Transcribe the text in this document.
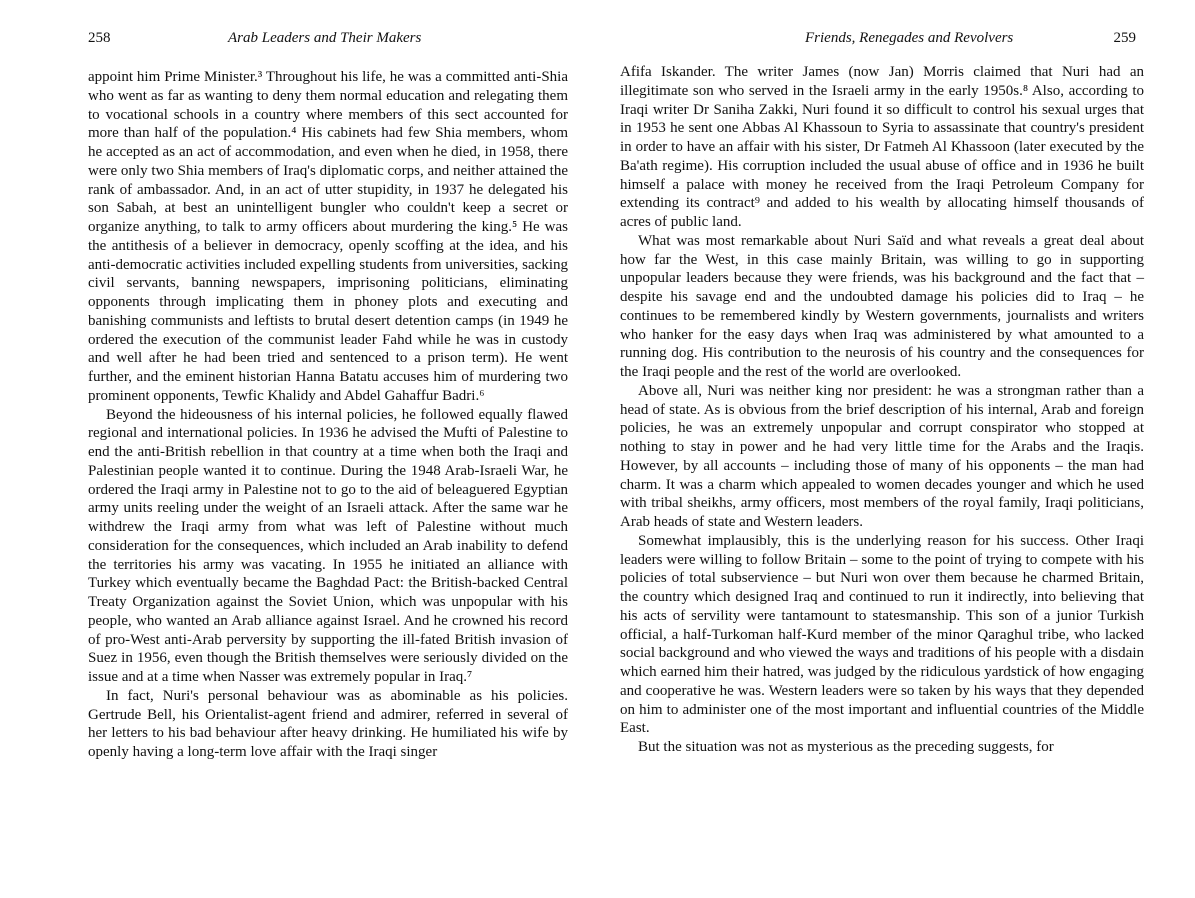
258	Arab Leaders and Their Makers

appoint him Prime Minister.³ Throughout his life, he was a committed anti-Shia who went as far as wanting to deny them normal education and relegating them to vocational schools in a country where members of this sect accounted for more than half of the population.⁴ His cabinets had few Shia members, whom he accepted as an act of accommodation, and even when he died, in 1958, there were only two Shia members of Iraq's diplomatic corps, and neither attained the rank of ambassador. And, in an act of utter stupidity, in 1937 he delegated his son Sabah, at best an unintelligent bungler who couldn't keep a secret or organize anything, to talk to army officers about murdering the king.⁵ He was the antithesis of a believer in democracy, openly scoffing at the idea, and his anti-democratic activities included expelling students from universities, sacking civil servants, banning newspapers, imprisoning politicians, eliminating opponents through implicating them in phoney plots and executing and banishing communists and leftists to brutal desert detention camps (in 1949 he ordered the execution of the communist leader Fahd while he was in custody and well after he had been tried and sentenced to a prison term). He went further, and the eminent historian Hanna Batatu accuses him of murdering two prominent opponents, Tewfic Khalidy and Abdel Gahaffur Badri.⁶

Beyond the hideousness of his internal policies, he followed equally flawed regional and international policies. In 1936 he advised the Mufti of Palestine to end the anti-British rebellion in that country at a time when both the Iraqi and Palestinian people wanted it to continue. During the 1948 Arab-Israeli War, he ordered the Iraqi army in Palestine not to go to the aid of beleaguered Egyptian army units reeling under the weight of an Israeli attack. After the same war he withdrew the Iraqi army from what was left of Palestine without much consideration for the consequences, which included an Arab inability to defend the territories his army was vacating. In 1955 he initiated an alliance with Turkey which eventually became the Baghdad Pact: the British-backed Central Treaty Organization against the Soviet Union, which was unpopular with his people, who wanted an Arab alliance against Israel. And he crowned his record of pro-West anti-Arab perversity by supporting the ill-fated British invasion of Suez in 1956, even though the British themselves were seriously divided on the issue and at a time when Nasser was extremely popular in Iraq.⁷

In fact, Nuri's personal behaviour was as abominable as his policies. Gertrude Bell, his Orientalist-agent friend and admirer, referred in several of her letters to his bad behaviour after heavy drinking. He humiliated his wife by openly having a long-term love affair with the Iraqi singer

Friends, Renegades and Revolvers	259

Afifa Iskander. The writer James (now Jan) Morris claimed that Nuri had an illegitimate son who served in the Israeli army in the early 1950s.⁸ Also, according to Iraqi writer Dr Saniha Zakki, Nuri found it so difficult to control his sexual urges that in 1953 he sent one Abbas Al Khassoun to Syria to assassinate that country's president in order to have an affair with his sister, Dr Fatmeh Al Khassoon (later executed by the Ba'ath regime). His corruption included the usual abuse of office and in 1936 he built himself a palace with money he received from the Iraqi Petroleum Company for extending its contract⁹ and added to his wealth by allocating himself thousands of acres of public land.

What was most remarkable about Nuri Saïd and what reveals a great deal about how far the West, in this case mainly Britain, was willing to go in supporting unpopular leaders because they were friends, was his background and the fact that – despite his savage end and the undoubted damage his policies did to Iraq – he continues to be remembered kindly by Western governments, journalists and writers who hanker for the easy days when Iraq was administered by what amounted to a running dog. His contribution to the neurosis of his country and the consequences for the Iraqi people and the rest of the world are overlooked.

Above all, Nuri was neither king nor president: he was a strongman rather than a head of state. As is obvious from the brief description of his internal, Arab and foreign policies, he was an extremely unpopular and corrupt conspirator who stopped at nothing to stay in power and he had very little time for the Arabs and the Iraqis. However, by all accounts – including those of many of his opponents – the man had charm. It was a charm which appealed to women decades younger and which he used with tribal sheikhs, army officers, most members of the royal family, Iraqi politicians, Arab heads of state and Western leaders.

Somewhat implausibly, this is the underlying reason for his success. Other Iraqi leaders were willing to follow Britain – some to the point of trying to compete with his policies of total subservience – but Nuri won over them because he charmed Britain, the country which designed Iraq and continued to run it indirectly, into believing that his acts of servility were tantamount to statesmanship. This son of a junior Turkish official, a half-Turkoman half-Kurd member of the minor Qaraghul tribe, who lacked social background and who viewed the ways and traditions of his people with a disdain which earned him their hatred, was judged by the ridiculous yardstick of how engaging and cooperative he was. Western leaders were so taken by his ways that they depended on him to administer one of the most important and influential countries of the Middle East.

But the situation was not as mysterious as the preceding suggests, for
